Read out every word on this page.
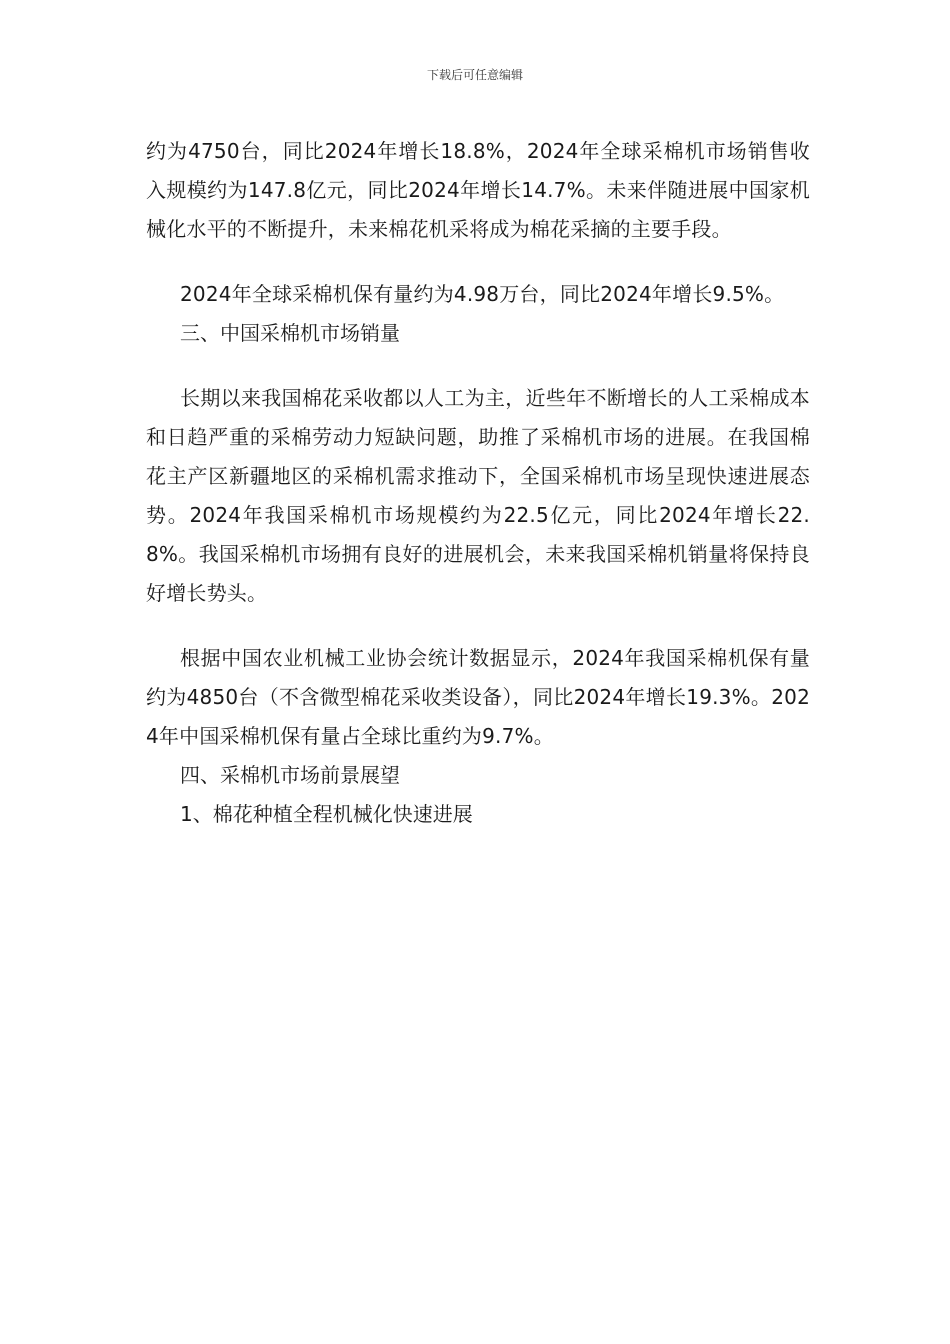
下载后可任意编辑

约为4750台，同比2024年增长18.8%，2024年全球采棉机市场销售收入规模约为147.8亿元，同比2024年增长14.7%。未来伴随进展中国家机械化水平的不断提升，未来棉花机采将成为棉花采摘的主要手段。

2024年全球采棉机保有量约为4.98万台，同比2024年增长9.5%。

三、中国采棉机市场销量

长期以来我国棉花采收都以人工为主，近些年不断增长的人工采棉成本和日趋严重的采棉劳动力短缺问题，助推了采棉机市场的进展。在我国棉花主产区新疆地区的采棉机需求推动下，全国采棉机市场呈现快速进展态势。2024年我国采棉机市场规模约为22.5亿元，同比2024年增长22.8%。我国采棉机市场拥有良好的进展机会，未来我国采棉机销量将保持良好增长势头。

根据中国农业机械工业协会统计数据显示，2024年我国采棉机保有量约为4850台（不含微型棉花采收类设备），同比2024年增长19.3%。2024年中国采棉机保有量占全球比重约为9.7%。

四、采棉机市场前景展望

1、棉花种植全程机械化快速进展
